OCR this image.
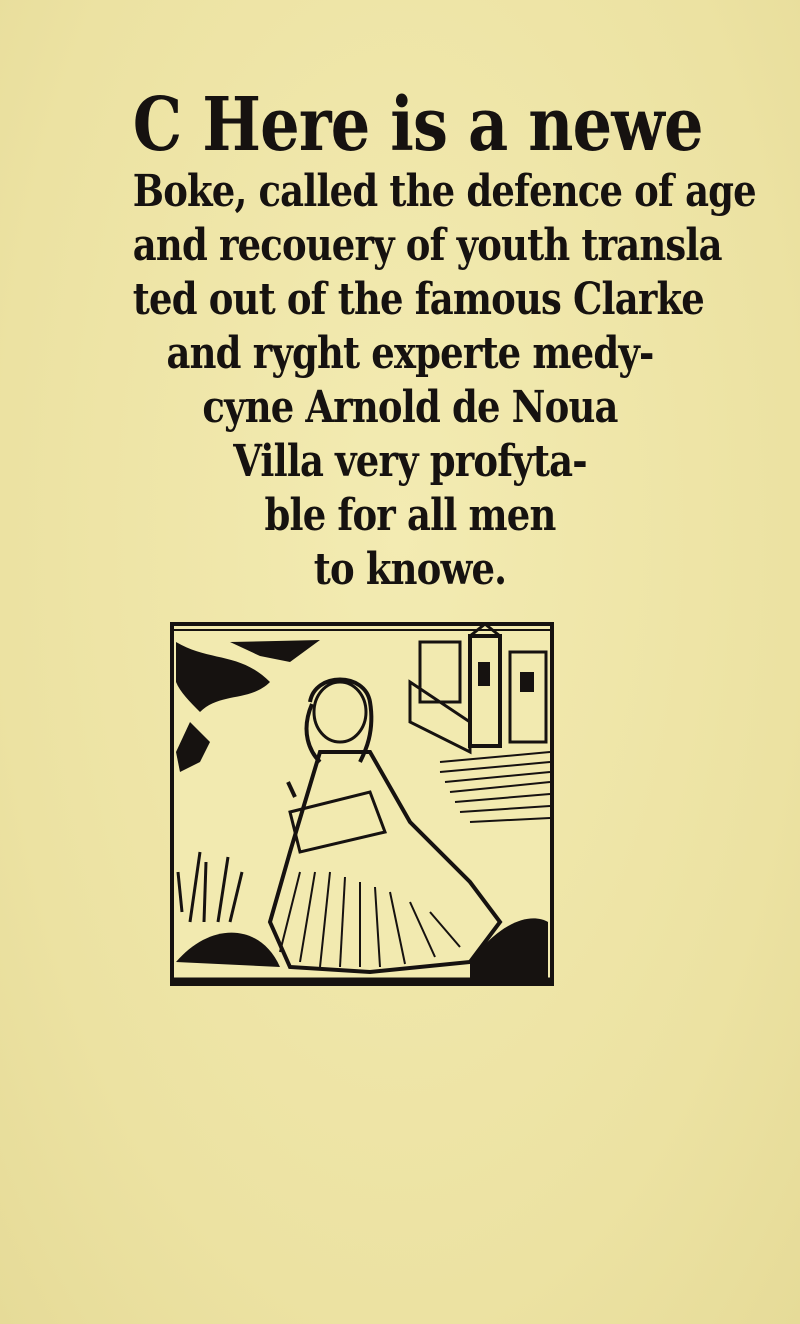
C Here is a newe
Boke, called the defence of age
and recouery of youth transla
ted out of the famous Clarke
and ryght experte medy-
cyne Arnold de Noua
Villa very profyta-
ble for all men
to knowe.
